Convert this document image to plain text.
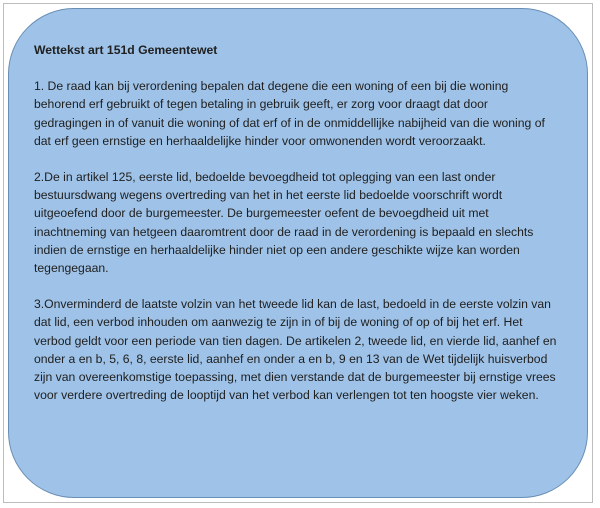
Wettekst art 151d Gemeentewet

1. De raad kan bij verordening bepalen dat degene die een woning of een bij die woning behorend erf gebruikt of tegen betaling in gebruik geeft, er zorg voor draagt dat door gedragingen in of vanuit die woning of dat erf of in de onmiddellijke nabijheid van die woning of dat erf geen ernstige en herhaaldelijke hinder voor omwonenden wordt veroorzaakt.

2.De in artikel 125, eerste lid, bedoelde bevoegdheid tot oplegging van een last onder bestuursdwang wegens overtreding van het in het eerste lid bedoelde voorschrift wordt uitgeoefend door de burgemeester. De burgemeester oefent de bevoegdheid uit met inachtneming van hetgeen daaromtrent door de raad in de verordening is bepaald en slechts indien de ernstige en herhaaldelijke hinder niet op een andere geschikte wijze kan worden tegengegaan.

3.Onverminderd de laatste volzin van het tweede lid kan de last, bedoeld in de eerste volzin van dat lid, een verbod inhouden om aanwezig te zijn in of bij de woning of op of bij het erf. Het verbod geldt voor een periode van tien dagen. De artikelen 2, tweede lid, en vierde lid, aanhef en onder a en b, 5, 6, 8, eerste lid, aanhef en onder a en b, 9 en 13 van de Wet tijdelijk huisverbod zijn van overeenkomstige toepassing, met dien verstande dat de burgemeester bij ernstige vrees voor verdere overtreding de looptijd van het verbod kan verlengen tot ten hoogste vier weken.
